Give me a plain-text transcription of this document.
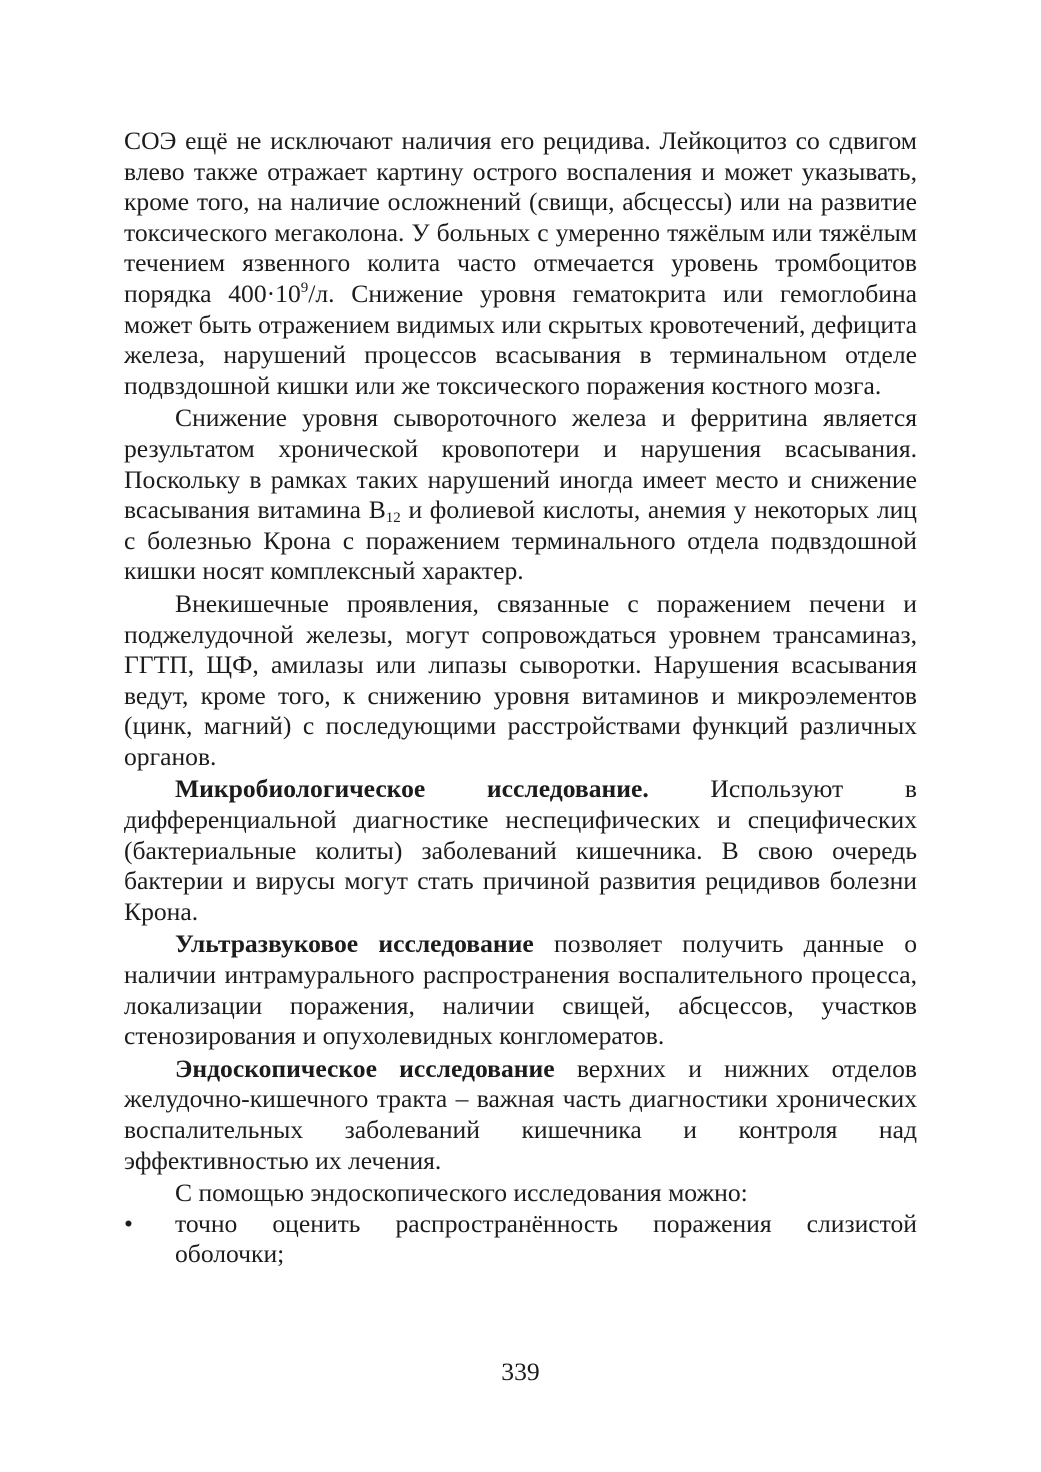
СОЭ ещё не исключают наличия его рецидива. Лейкоцитоз со сдвигом влево также отражает картину острого воспаления и может указывать, кроме того, на наличие осложнений (свищи, абсцессы) или на развитие токсического мегаколона. У больных с умеренно тяжёлым или тяжёлым течением язвенного колита часто отмечается уровень тромбоцитов порядка $400\cdot 10^9/л$. Снижение уровня гематокрита или гемоглобина может быть отражением видимых или скрытых кровотечений, дефицита железа, нарушений процессов всасывания в терминальном отделе подвздошной кишки или же токсического поражения костного мозга.

Снижение уровня сывороточного железа и ферритина является результатом хронической кровопотери и нарушения всасывания. Поскольку в рамках таких нарушений иногда имеет место и снижение всасывания витамина $B_{12}$ и фолиевой кислоты, анемия у некоторых лиц с болезнью Крона с поражением терминального отдела подвздошной кишки носят комплексный характер.

Внекишечные проявления, связанные с поражением печени и поджелудочной железы, могут сопровождаться уровнем трансаминаз, ГГТП, ЩФ, амилазы или липазы сыворотки. Нарушения всасывания ведут, кроме того, к снижению уровня витаминов и микроэлементов (цинк, магний) с последующими расстройствами функций различных органов.

Микробиологическое исследование. Используют в дифференциальной диагностике неспецифических и специфических (бактериальные колиты) заболеваний кишечника. В свою очередь бактерии и вирусы могут стать причиной развития рецидивов болезни Крона.

Ультразвуковое исследование позволяет получить данные о наличии интрамурального распространения воспалительного процесса, локализации поражения, наличии свищей, абсцессов, участков стенозирования и опухолевидных конгломератов.

Эндоскопическое исследование верхних и нижних отделов желудочно-кишечного тракта – важная часть диагностики хронических воспалительных заболеваний кишечника и контроля над эффективностью их лечения.

С помощью эндоскопического исследования можно:

• точно оценить распространённость поражения слизистой оболочки;

339
